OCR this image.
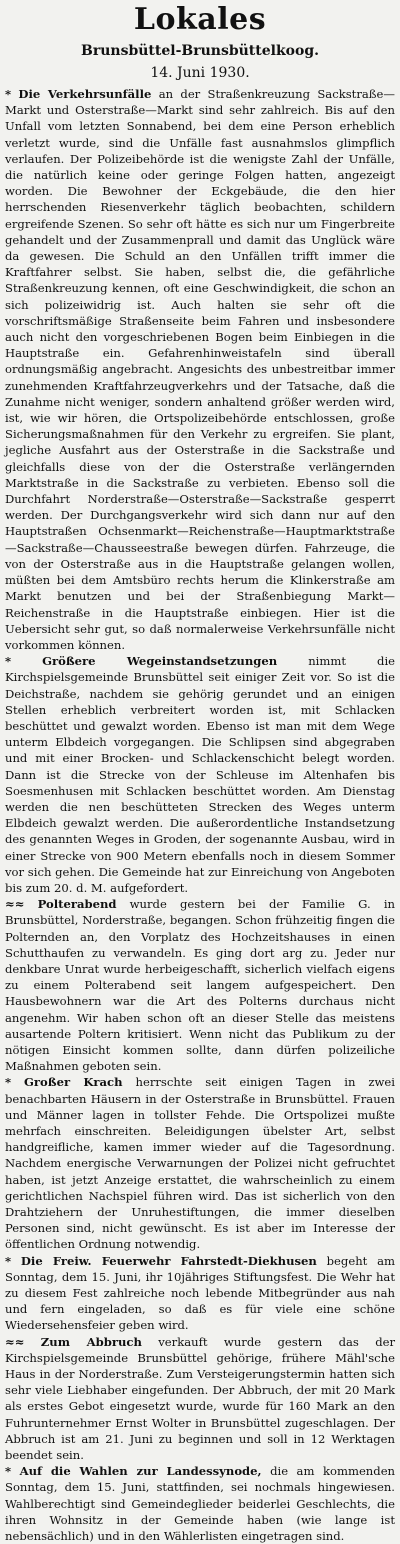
Lokales
Brunsbüttel-Brunsbüttelkoog.
14. Juni 1930.

* Die Verkehrsunfälle an der Straßenkreuzung Sackstraße—Markt und Osterstraße—Markt sind sehr zahlreich. Bis auf den Unfall vom letzten Sonnabend, bei dem eine Person erheblich verletzt wurde, sind die Unfälle fast ausnahmslos glimpflich verlaufen. Der Polizeibehörde ist die wenigste Zahl der Unfälle, die natürlich keine oder geringe Folgen hatten, angezeigt worden. Die Bewohner der Eckgebäude, die den hier herrschenden Riesenverkehr täglich beobachten, schildern ergreifende Szenen. So sehr oft hätte es sich nur um Fingerbreite gehandelt und der Zusammenprall und damit das Unglück wäre da gewesen. Die Schuld an den Unfällen trifft immer die Kraftfahrer selbst. Sie haben, selbst die, die gefährliche Straßenkreuzung kennen, oft eine Geschwindigkeit, die schon an sich polizeiwidrig ist. Auch halten sie sehr oft die vorschriftsmäßige Straßenseite beim Fahren und insbesondere auch nicht den vorgeschriebenen Bogen beim Einbiegen in die Hauptstraße ein. Gefahrenhinweistafeln sind überall ordnungsmäßig angebracht. Angesichts des unbestreitbar immer zunehmenden Kraftfahrzeugverkehrs und der Tatsache, daß die Zunahme nicht weniger, sondern anhaltend größer werden wird, ist, wie wir hören, die Ortspolizeibehörde entschlossen, große Sicherungsmaßnahmen für den Verkehr zu ergreifen. Sie plant, jegliche Ausfahrt aus der Osterstraße in die Sackstraße und gleichfalls diese von der die Osterstraße verlängernden Marktstraße in die Sackstraße zu verbieten. Ebenso soll die Durchfahrt Norderstraße—Osterstraße—Sackstraße gesperrt werden. Der Durchgangsverkehr wird sich dann nur auf den Hauptstraßen Ochsenmarkt—Reichenstraße—Hauptmarktstraße—Sackstraße—Chausseestraße bewegen dürfen. Fahrzeuge, die von der Osterstraße aus in die Hauptstraße gelangen wollen, müßten bei dem Amtsbüro rechts herum die Klinkerstraße am Markt benutzen und bei der Straßenbiegung Markt—Reichenstraße in die Hauptstraße einbiegen. Hier ist die Uebersicht sehr gut, so daß normalerweise Verkehrsunfälle nicht vorkommen können.

*	Größere Wegeinstandsetzungen	nimmt die Kirchspielsgemeinde Brunsbüttel seit einiger Zeit vor. So ist die Deichstraße, nachdem sie gehörig gerundet und an einigen Stellen erheblich verbreitert worden ist, mit Schlacken beschüttet und gewalzt worden. Ebenso ist man mit dem Wege unterm Elbdeich vorgegangen. Die Schlipsen sind abgegraben und mit einer Brocken- und Schlackenschicht belegt worden. Dann ist die Strecke von der Schleuse im Altenhafen bis Soesmenhusen mit Schlacken beschüttet worden. Am Dienstag werden die nen beschütteten Strecken des Weges unterm Elbdeich gewalzt werden. Die außerordentliche Instandsetzung des genannten Weges in Groden, der sogenannte Ausbau, wird in einer Strecke von 900 Metern ebenfalls noch in diesem Sommer vor sich gehen. Die Gemeinde hat zur Einreichung von Angeboten bis zum 20. d. M. aufgefordert.

≈≈ Polterabend wurde gestern bei der Familie G. in Brunsbüttel, Norderstraße, begangen. Schon frühzeitig fingen die Polternden an, den Vorplatz des Hochzeitshauses in einen Schutthaufen zu verwandeln. Es ging dort arg zu. Jeder nur denkbare Unrat wurde herbeigeschafft, sicherlich vielfach eigens zu einem Polterabend seit langem aufgespeichert. Den Hausbewohnern war die Art des Polterns durchaus nicht angenehm. Wir haben schon oft an dieser Stelle das meistens ausartende Poltern kritisiert. Wenn nicht das Publikum zu der nötigen Einsicht kommen sollte, dann dürfen polizeiliche Maßnahmen geboten sein.

* Großer Krach herrschte seit einigen Tagen in zwei benachbarten Häusern in der Osterstraße in Brunsbüttel. Frauen und Männer lagen in tollster Fehde. Die Ortspolizei mußte mehrfach einschreiten. Beleidigungen übelster Art, selbst handgreifliche, kamen immer wieder auf die Tagesordnung. Nachdem energische Verwarnungen der Polizei nicht gefruchtet haben, ist jetzt Anzeige erstattet, die wahrscheinlich zu einem gerichtlichen Nachspiel führen wird. Das ist sicherlich von den Drahtziehern der Unruhestiftungen, die immer dieselben Personen sind, nicht gewünscht. Es ist aber im Interesse der öffentlichen Ordnung notwendig.

* Die Freiw. Feuerwehr Fahrstedt-Diekhusen begeht am Sonntag, dem 15. Juni, ihr 10jähriges Stiftungsfest. Die Wehr hat zu diesem Fest zahlreiche noch lebende Mitbegründer aus nah und fern eingeladen, so daß es für viele eine schöne Wiedersehensfeier geben wird.

≈≈ Zum Abbruch verkauft wurde gestern das der Kirchspielsgemeinde Brunsbüttel gehörige, frühere Mähl'sche Haus in der Norderstraße. Zum Versteigerungstermin hatten sich sehr viele Liebhaber eingefunden. Der Abbruch, der mit 20 Mark als erstes Gebot eingesetzt wurde, wurde für 160 Mark an den Fuhrunternehmer Ernst Wolter in Brunsbüttel zugeschlagen. Der Abbruch ist am 21. Juni zu beginnen und soll in 12 Werktagen beendet sein.

* Auf die Wahlen zur Landessynode, die am kommenden Sonntag, dem 15. Juni, stattfinden, sei nochmals hingewiesen. Wahlberechtigt sind Gemeindeglieder beiderlei Geschlechts, die ihren Wohnsitz in der Gemeinde haben (wie lange ist nebensächlich) und in den Wählerlisten eingetragen sind.
